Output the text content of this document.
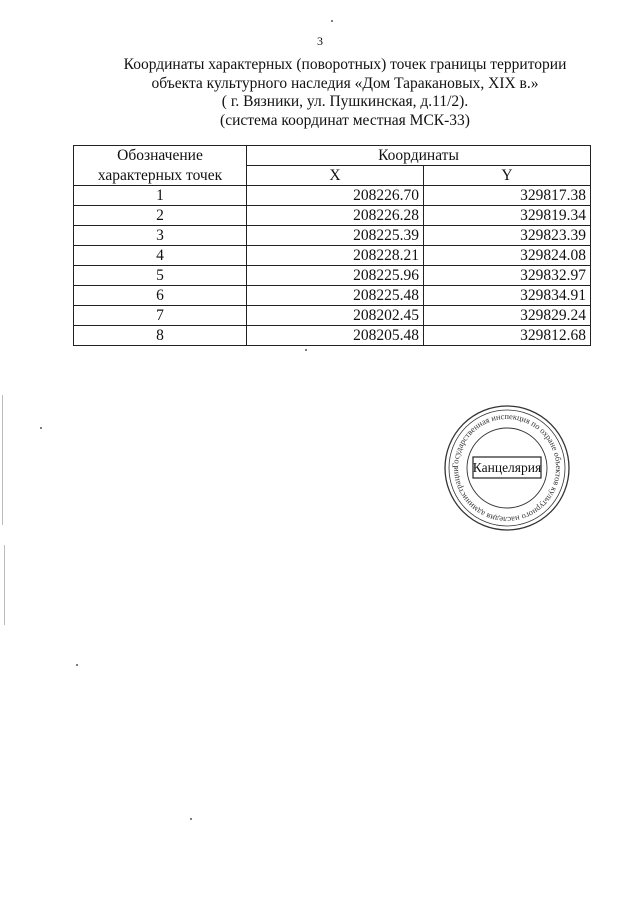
3
Координаты характерных (поворотных) точек границы территории
объекта культурного наследия «Дом Таракановых, XIX в.»
( г. Вязники, ул. Пушкинская, д.11/2).
(система координат местная МСК-33)
Обозначение	Координаты	
характерных точек	X	Y
1	208226.70	329817.38
2	208226.28	329819.34
3	208225.39	329823.39
4	208228.21	329824.08
5	208225.96	329832.97
6	208225.48	329834.91
7	208202.45	329829.24
8	208205.48	329812.68
Государственная инспекция по охране объектов культурного наследия администрации Канцелярия
